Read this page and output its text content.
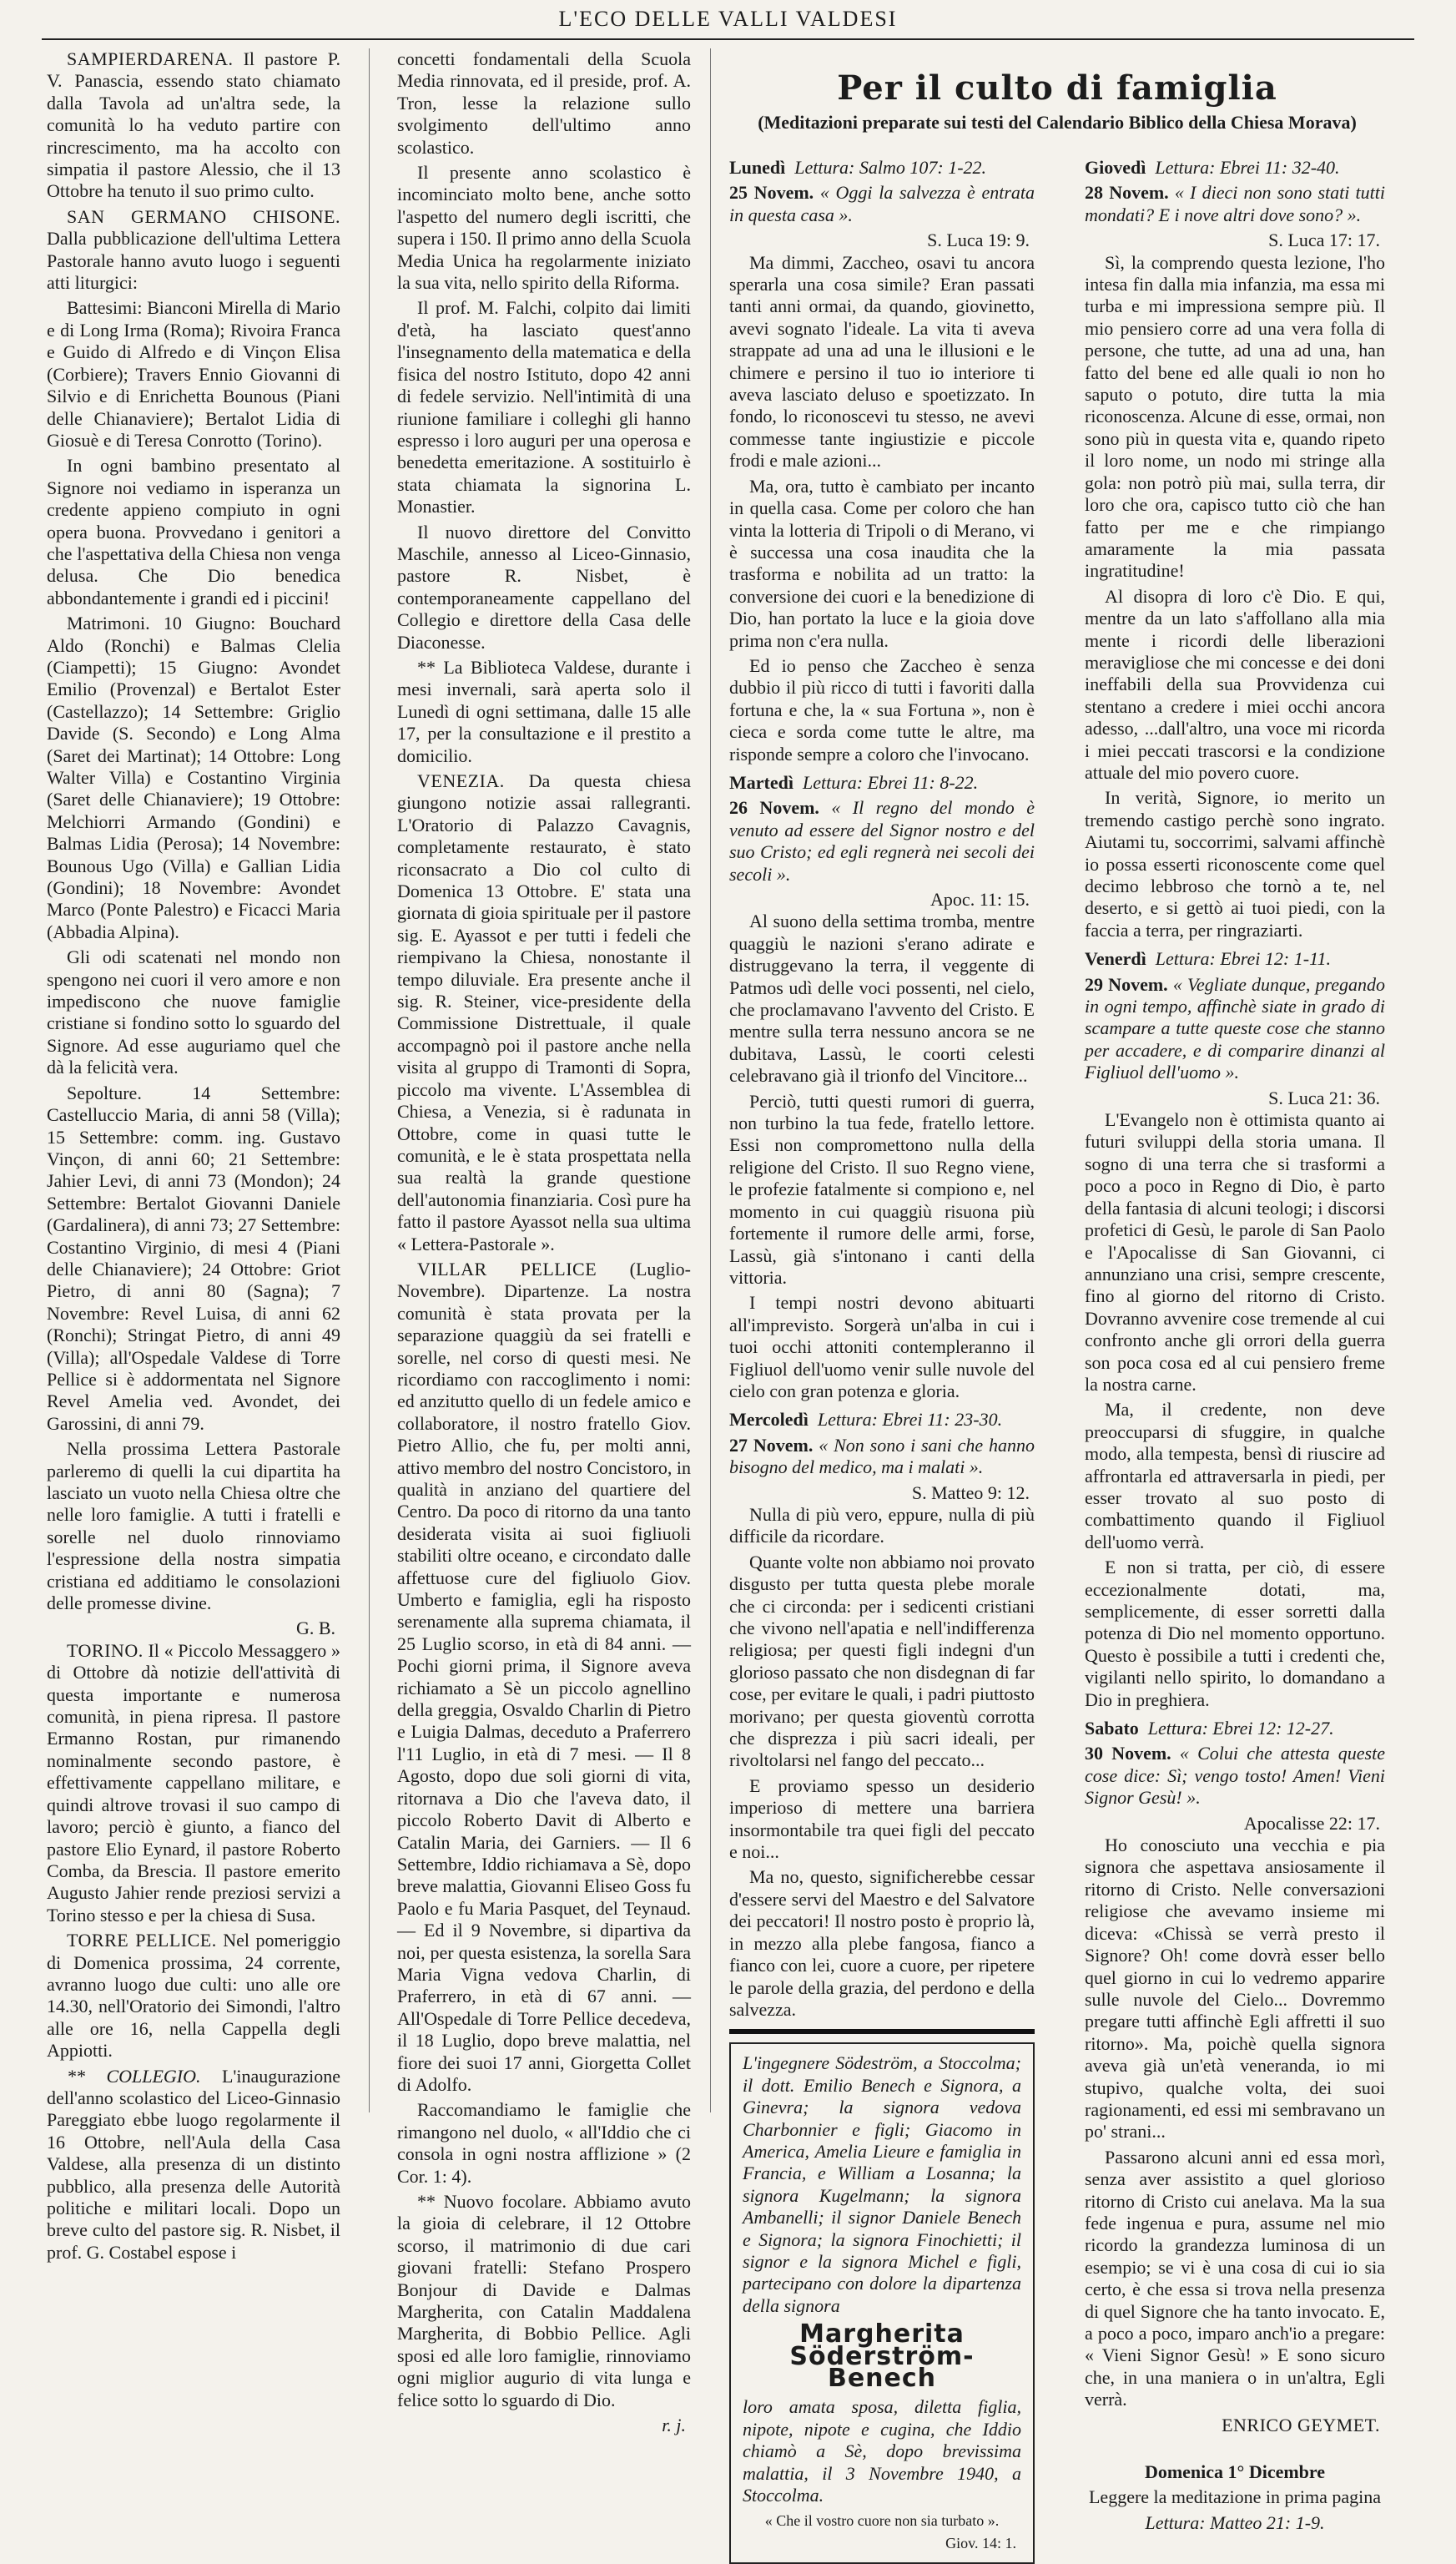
L'ECO DELLE VALLI VALDESI

SAMPIERDARENA. Il pastore P. V. Panascia, essendo stato chiamato dalla Tavola ad un'altra sede, la comunità lo ha veduto partire con rincrescimento, ma ha accolto con simpatia il pastore Alessio, che il 13 Ottobre ha tenuto il suo primo culto.

SAN GERMANO CHISONE. Dalla pubblicazione dell'ultima Lettera Pastorale hanno avuto luogo i seguenti atti liturgici:

Battesimi: Bianconi Mirella di Mario e di Long Irma (Roma); Rivoira Franca e Guido di Alfredo e di Vinçon Elisa (Corbiere); Travers Ennio Giovanni di Silvio e di Enrichetta Bounous (Piani delle Chianaviere); Bertalot Lidia di Giosuè e di Teresa Conrotto (Torino).

In ogni bambino presentato al Signore noi vediamo in isperanza un credente appieno compiuto in ogni opera buona. Provvedano i genitori a che l'aspettativa della Chiesa non venga delusa. Che Dio benedica abbondantemente i grandi ed i piccini!

Matrimoni. 10 Giugno: Bouchard Aldo (Ronchi) e Balmas Clelia (Ciampetti); 15 Giugno: Avondet Emilio (Provenzal) e Bertalot Ester (Castellazzo); 14 Settembre: Griglio Davide (S. Secondo) e Long Alma (Saret dei Martinat); 14 Ottobre: Long Walter Villa) e Costantino Virginia (Saret delle Chianaviere); 19 Ottobre: Melchiorri Armando (Gondini) e Balmas Lidia (Perosa); 14 Novembre: Bounous Ugo (Villa) e Gallian Lidia (Gondini); 18 Novembre: Avondet Marco (Ponte Palestro) e Ficacci Maria (Abbadia Alpina).

Gli odi scatenati nel mondo non spengono nei cuori il vero amore e non impediscono che nuove famiglie cristiane si fondino sotto lo sguardo del Signore. Ad esse auguriamo quel che dà la felicità vera.

Sepolture. 14 Settembre: Castelluccio Maria, di anni 58 (Villa); 15 Settembre: comm. ing. Gustavo Vinçon, di anni 60; 21 Settembre: Jahier Levi, di anni 73 (Mondon); 24 Settembre: Bertalot Giovanni Daniele (Gardalinera), di anni 73; 27 Settembre: Costantino Virginio, di mesi 4 (Piani delle Chianaviere); 24 Ottobre: Griot Pietro, di anni 80 (Sagna); 7 Novembre: Revel Luisa, di anni 62 (Ronchi); Stringat Pietro, di anni 49 (Villa); all'Ospedale Valdese di Torre Pellice si è addormentata nel Signore Revel Amelia ved. Avondet, dei Garossini, di anni 79.

Nella prossima Lettera Pastorale parleremo di quelli la cui dipartita ha lasciato un vuoto nella Chiesa oltre che nelle loro famiglie. A tutti i fratelli e sorelle nel duolo rinnoviamo l'espressione della nostra simpatia cristiana ed additiamo le consolazioni delle promesse divine.

G. B.

TORINO. Il « Piccolo Messaggero » di Ottobre dà notizie dell'attività di questa importante e numerosa comunità, in piena ripresa. Il pastore Ermanno Rostan, pur rimanendo nominalmente secondo pastore, è effettivamente cappellano militare, e quindi altrove trovasi il suo campo di lavoro; perciò è giunto, a fianco del pastore Elio Eynard, il pastore Roberto Comba, da Brescia. Il pastore emerito Augusto Jahier rende preziosi servizi a Torino stesso e per la chiesa di Susa.

TORRE PELLICE. Nel pomeriggio di Domenica prossima, 24 corrente, avranno luogo due culti: uno alle ore 14.30, nell'Oratorio dei Simondi, l'altro alle ore 16, nella Cappella degli Appiotti.

** COLLEGIO. L'inaugurazione dell'anno scolastico del Liceo-Ginnasio Pareggiato ebbe luogo regolarmente il 16 Ottobre, nell'Aula della Casa Valdese, alla presenza di un distinto pubblico, alla presenza delle Autorità politiche e militari locali. Dopo un breve culto del pastore sig. R. Nisbet, il prof. G. Costabel espose i

concetti fondamentali della Scuola Media rinnovata, ed il preside, prof. A. Tron, lesse la relazione sullo svolgimento dell'ultimo anno scolastico.

Il presente anno scolastico è incominciato molto bene, anche sotto l'aspetto del numero degli iscritti, che supera i 150. Il primo anno della Scuola Media Unica ha regolarmente iniziato la sua vita, nello spirito della Riforma.

Il prof. M. Falchi, colpito dai limiti d'età, ha lasciato quest'anno l'insegnamento della matematica e della fisica del nostro Istituto, dopo 42 anni di fedele servizio. Nell'intimità di una riunione familiare i colleghi gli hanno espresso i loro auguri per una operosa e benedetta emeritazione. A sostituirlo è stata chiamata la signorina L. Monastier.

Il nuovo direttore del Convitto Maschile, annesso al Liceo-Ginnasio, pastore R. Nisbet, è contemporaneamente cappellano del Collegio e direttore della Casa delle Diaconesse.

** La Biblioteca Valdese, durante i mesi invernali, sarà aperta solo il Lunedì di ogni settimana, dalle 15 alle 17, per la consultazione e il prestito a domicilio.

VENEZIA. Da questa chiesa giungono notizie assai rallegranti. L'Oratorio di Palazzo Cavagnis, completamente restaurato, è stato riconsacrato a Dio col culto di Domenica 13 Ottobre. E' stata una giornata di gioia spirituale per il pastore sig. E. Ayassot e per tutti i fedeli che riempivano la Chiesa, nonostante il tempo diluviale. Era presente anche il sig. R. Steiner, vice-presidente della Commissione Distrettuale, il quale accompagnò poi il pastore anche nella visita al gruppo di Tramonti di Sopra, piccolo ma vivente. L'Assemblea di Chiesa, a Venezia, si è radunata in Ottobre, come in quasi tutte le comunità, e le è stata prospettata nella sua realtà la grande questione dell'autonomia finanziaria. Così pure ha fatto il pastore Ayassot nella sua ultima « Lettera-Pastorale ».

VILLAR PELLICE (Luglio-Novembre). Dipartenze. La nostra comunità è stata provata per la separazione quaggiù da sei fratelli e sorelle, nel corso di questi mesi. Ne ricordiamo con raccoglimento i nomi: ed anzitutto quello di un fedele amico e collaboratore, il nostro fratello Giov. Pietro Allio, che fu, per molti anni, attivo membro del nostro Concistoro, in qualità in anziano del quartiere del Centro. Da poco di ritorno da una tanto desiderata visita ai suoi figliuoli stabiliti oltre oceano, e circondato dalle affettuose cure del figliuolo Giov. Umberto e famiglia, egli ha risposto serenamente alla suprema chiamata, il 25 Luglio scorso, in età di 84 anni. — Pochi giorni prima, il Signore aveva richiamato a Sè un piccolo agnellino della greggia, Osvaldo Charlin di Pietro e Luigia Dalmas, deceduto a Praferrero l'11 Luglio, in età di 7 mesi. — Il 8 Agosto, dopo due soli giorni di vita, ritornava a Dio che l'aveva dato, il piccolo Roberto Davit di Alberto e Catalin Maria, dei Garniers. — Il 6 Settembre, Iddio richiamava a Sè, dopo breve malattia, Giovanni Eliseo Goss fu Paolo e fu Maria Pasquet, del Teynaud. — Ed il 9 Novembre, si dipartiva da noi, per questa esistenza, la sorella Sara Maria Vigna vedova Charlin, di Praferrero, in età di 67 anni. — All'Ospedale di Torre Pellice decedeva, il 18 Luglio, dopo breve malattia, nel fiore dei suoi 17 anni, Giorgetta Collet di Adolfo.

Raccomandiamo le famiglie che rimangono nel duolo, « all'Iddio che ci consola in ogni nostra afflizione » (2 Cor. 1: 4).

** Nuovo focolare. Abbiamo avuto la gioia di celebrare, il 12 Ottobre scorso, il matrimonio di due cari giovani fratelli: Stefano Prospero Bonjour di Davide e Dalmas Margherita, con Catalin Maddalena Margherita, di Bobbio Pellice. Agli sposi ed alle loro famiglie, rinnoviamo ogni miglior augurio di vita lunga e felice sotto lo sguardo di Dio.

r. j.
Per il culto di famiglia
(Meditazioni preparate sui testi del Calendario Biblico della Chiesa Morava)

Lunedì Lettura: Salmo 107: 1-22.

25 Novem. « Oggi la salvezza è entrata in questa casa ».

S. Luca 19: 9.

Ma dimmi, Zaccheo, osavi tu ancora sperarla una cosa simile? Eran passati tanti anni ormai, da quando, giovinetto, avevi sognato l'ideale. La vita ti aveva strappate ad una ad una le illusioni e le chimere e persino il tuo io interiore ti aveva lasciato deluso e spoetizzato. In fondo, lo riconoscevi tu stesso, ne avevi commesse tante ingiustizie e piccole frodi e male azioni...

Ma, ora, tutto è cambiato per incanto in quella casa. Come per coloro che han vinta la lotteria di Tripoli o di Merano, vi è successa una cosa inaudita che la trasforma e nobilita ad un tratto: la conversione dei cuori e la benedizione di Dio, han portato la luce e la gioia dove prima non c'era nulla.

Ed io penso che Zaccheo è senza dubbio il più ricco di tutti i favoriti dalla fortuna e che, la « sua Fortuna », non è cieca e sorda come tutte le altre, ma risponde sempre a coloro che l'invocano.

Martedì Lettura: Ebrei 11: 8-22.

26 Novem. « Il regno del mondo è venuto ad essere del Signor nostro e del suo Cristo; ed egli regnerà nei secoli dei secoli ».

Apoc. 11: 15.

Al suono della settima tromba, mentre quaggiù le nazioni s'erano adirate e distruggevano la terra, il veggente di Patmos udì delle voci possenti, nel cielo, che proclamavano l'avvento del Cristo. E mentre sulla terra nessuno ancora se ne dubitava, Lassù, le coorti celesti celebravano già il trionfo del Vincitore...

Perciò, tutti questi rumori di guerra, non turbino la tua fede, fratello lettore. Essi non compromettono nulla della religione del Cristo. Il suo Regno viene, le profezie fatalmente si compiono e, nel momento in cui quaggiù risuona più fortemente il rumore delle armi, forse, Lassù, già s'intonano i canti della vittoria.

I tempi nostri devono abituarti all'imprevisto. Sorgerà un'alba in cui i tuoi occhi attoniti contempleranno il Figliuol dell'uomo venir sulle nuvole del cielo con gran potenza e gloria.

Mercoledì Lettura: Ebrei 11: 23-30.

27 Novem. « Non sono i sani che hanno bisogno del medico, ma i malati ».

S. Matteo 9: 12.

Nulla di più vero, eppure, nulla di più difficile da ricordare.

Quante volte non abbiamo noi provato disgusto per tutta questa plebe morale che ci circonda: per i sedicenti cristiani che vivono nell'apatia e nell'indifferenza religiosa; per questi figli indegni d'un glorioso passato che non disdegnan di far cose, per evitare le quali, i padri piuttosto morivano; per questa gioventù corrotta che disprezza i più sacri ideali, per rivoltolarsi nel fango del peccato...

E proviamo spesso un desiderio imperioso di mettere una barriera insormontabile tra quei figli del peccato e noi...

Ma no, questo, significherebbe cessar d'essere servi del Maestro e del Salvatore dei peccatori! Il nostro posto è proprio là, in mezzo alla plebe fangosa, fianco a fianco con lei, cuore a cuore, per ripetere le parole della grazia, del perdono e della salvezza.

L'ingegnere Södeström, a Stoccolma; il dott. Emilio Benech e Signora, a Ginevra; la signora vedova Charbonnier e figli; Giacomo in America, Amelia Lieure e famiglia in Francia, e William a Losanna; la signora Kugelmann; la signora Ambanelli; il signor Daniele Benech e Signora; la signora Finochietti; il signor e la signora Michel e figli, partecipano con dolore la dipartenza della signora

Margherita Söderström-Benech

loro amata sposa, diletta figlia, nipote, nipote e cugina, che Iddio chiamò a Sè, dopo brevissima malattia, il 3 Novembre 1940, a Stoccolma.

« Che il vostro cuore non sia turbato ».
Giov. 14: 1.

Giovedì Lettura: Ebrei 11: 32-40.

28 Novem. « I dieci non sono stati tutti mondati? E i nove altri dove sono? ».

S. Luca 17: 17.

Sì, la comprendo questa lezione, l'ho intesa fin dalla mia infanzia, ma essa mi turba e mi impressiona sempre più. Il mio pensiero corre ad una vera folla di persone, che tutte, ad una ad una, han fatto del bene ed alle quali io non ho saputo o potuto, dire tutta la mia riconoscenza. Alcune di esse, ormai, non sono più in questa vita e, quando ripeto il loro nome, un nodo mi stringe alla gola: non potrò più mai, sulla terra, dir loro che ora, capisco tutto ciò che han fatto per me e che rimpiango amaramente la mia passata ingratitudine!

Al disopra di loro c'è Dio. E qui, mentre da un lato s'affollano alla mia mente i ricordi delle liberazioni meravigliose che mi concesse e dei doni ineffabili della sua Provvidenza cui stentano a credere i miei occhi ancora adesso, ...dall'altro, una voce mi ricorda i miei peccati trascorsi e la condizione attuale del mio povero cuore.

In verità, Signore, io merito un tremendo castigo perchè sono ingrato. Aiutami tu, soccorrimi, salvami affinchè io possa esserti riconoscente come quel decimo lebbroso che tornò a te, nel deserto, e si gettò ai tuoi piedi, con la faccia a terra, per ringraziarti.

Venerdì Lettura: Ebrei 12: 1-11.

29 Novem. « Vegliate dunque, pregando in ogni tempo, affinchè siate in grado di scampare a tutte queste cose che stanno per accadere, e di comparire dinanzi al Figliuol dell'uomo ».

S. Luca 21: 36.

L'Evangelo non è ottimista quanto ai futuri sviluppi della storia umana. Il sogno di una terra che si trasformi a poco a poco in Regno di Dio, è parto della fantasia di alcuni teologi; i discorsi profetici di Gesù, le parole di San Paolo e l'Apocalisse di San Giovanni, ci annunziano una crisi, sempre crescente, fino al giorno del ritorno di Cristo. Dovranno avvenire cose tremende al cui confronto anche gli orrori della guerra son poca cosa ed al cui pensiero freme la nostra carne.

Ma, il credente, non deve preoccuparsi di sfuggire, in qualche modo, alla tempesta, bensì di riuscire ad affrontarla ed attraversarla in piedi, per esser trovato al suo posto di combattimento quando il Figliuol dell'uomo verrà.

E non si tratta, per ciò, di essere eccezionalmente dotati, ma, semplicemente, di esser sorretti dalla potenza di Dio nel momento opportuno. Questo è possibile a tutti i credenti che, vigilanti nello spirito, lo domandano a Dio in preghiera.

Sabato Lettura: Ebrei 12: 12-27.

30 Novem. « Colui che attesta queste cose dice: Sì; vengo tosto! Amen! Vieni Signor Gesù! ».

Apocalisse 22: 17.

Ho conosciuto una vecchia e pia signora che aspettava ansiosamente il ritorno di Cristo. Nelle conversazioni religiose che avevamo insieme mi diceva: «Chissà se verrà presto il Signore? Oh! come dovrà esser bello quel giorno in cui lo vedremo apparire sulle nuvole del Cielo... Dovremmo pregare tutti affinchè Egli affretti il suo ritorno». Ma, poichè quella signora aveva già un'età veneranda, io mi stupivo, qualche volta, dei suoi ragionamenti, ed essi mi sembravano un po' strani...

Passarono alcuni anni ed essa morì, senza aver assistito a quel glorioso ritorno di Cristo cui anelava. Ma la sua fede ingenua e pura, assume nel mio ricordo la grandezza luminosa di un esempio; se vi è una cosa di cui io sia certo, è che essa si trova nella presenza di quel Signore che ha tanto invocato. E, a poco a poco, imparo anch'io a pregare: « Vieni Signor Gesù! » E sono sicuro che, in una maniera o in un'altra, Egli verrà.

ENRICO GEYMET.

Domenica 1° Dicembre

Leggere la meditazione in prima pagina

Lettura: Matteo 21: 1-9.
